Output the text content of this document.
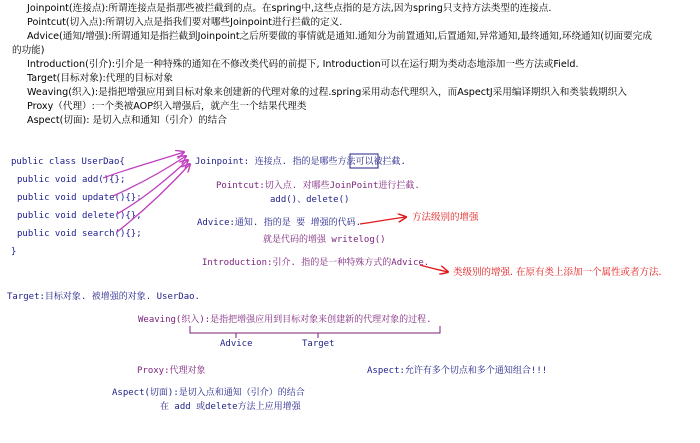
Joinpoint(连接点):所谓连接点是指那些被拦截到的点。在spring中,这些点指的是方法,因为spring只支持方法类型的连接点.

Pointcut(切入点):所谓切入点是指我们要对哪些Joinpoint进行拦截的定义.

Advice(通知/增强):所谓通知是指拦截到Joinpoint之后所要做的事情就是通知.通知分为前置通知,后置通知,异常通知,最终通知,环绕通知(切面要完成

的功能)

Introduction(引介):引介是一种特殊的通知在不修改类代码的前提下, Introduction可以在运行期为类动态地添加一些方法或Field.

Target(目标对象):代理的目标对象

Weaving(织入):是指把增强应用到目标对象来创建新的代理对象的过程.spring采用动态代理织入，而AspectJ采用编译期织入和类装载期织入

Proxy（代理）:一个类被AOP织入增强后，就产生一个结果代理类

Aspect(切面): 是切入点和通知（引介）的结合

public class UserDao{

public void add(){};

public void update(){};

public void delete(){};

public void search(){};

}

Joinpoint: 连接点. 指的是哪些方法可以被拦截.

Pointcut:切入点. 对哪些JoinPoint进行拦截.

add()、delete()

Advice:通知. 指的是 要 增强的代码.	方法级别的增强

就是代码的增强 writelog()

Introduction:引介. 指的是一种特殊方式的Advice.

类级别的增强. 在原有类上添加一个属性或者方法.

Target:目标对象. 被增强的对象. UserDao.

Weaving(织入):是指把增强应用到目标对象来创建新的代理对象的过程.

Advice	Target

Proxy:代理对象	Aspect:允许有多个切点和多个通知组合!!!

Aspect(切面):是切入点和通知（引介）的结合

在 add 或delete方法上应用增强
